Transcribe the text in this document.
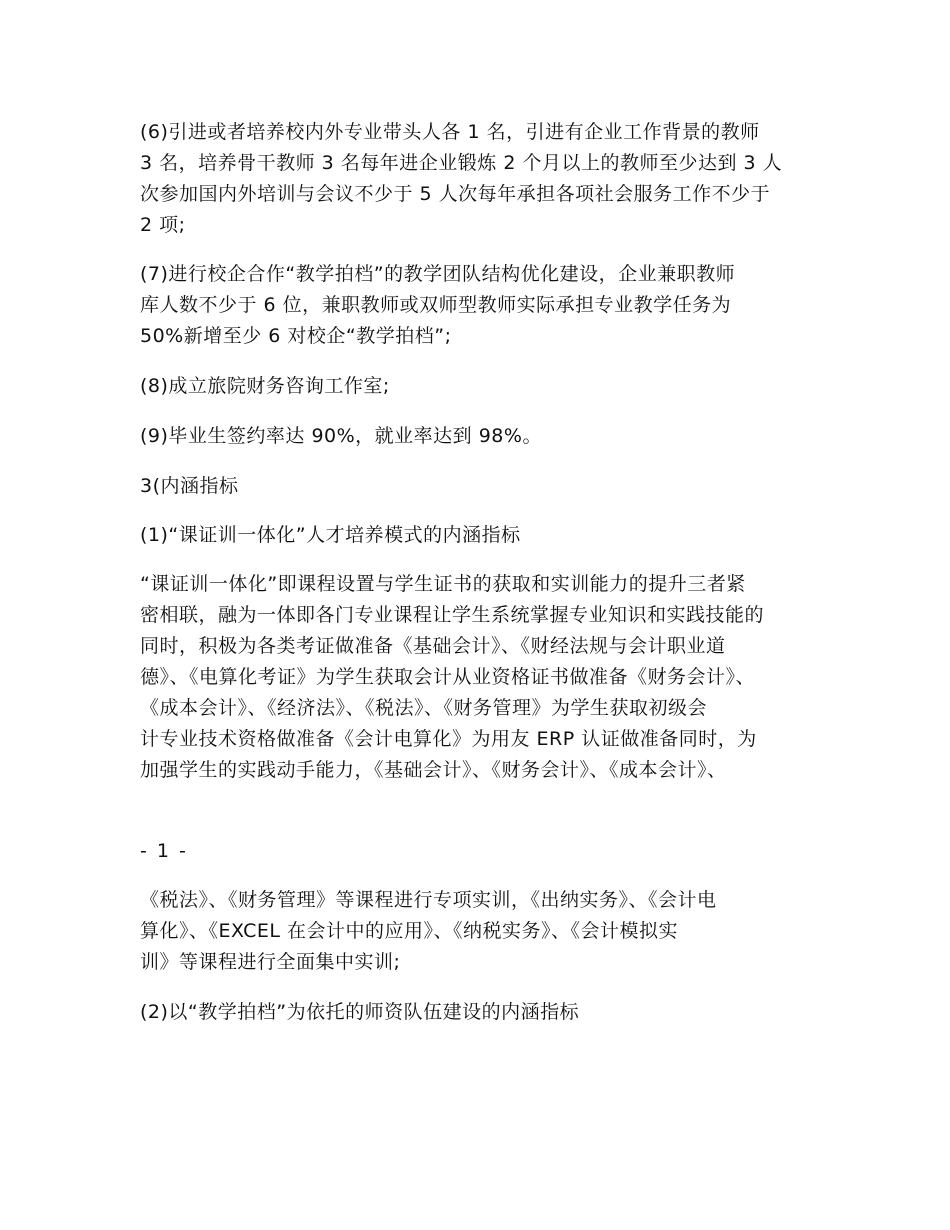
(6)引进或者培养校内外专业带头人各 1 名，引进有企业工作背景的教师
3 名，培养骨干教师 3 名每年进企业锻炼 2 个月以上的教师至少达到 3 人
次参加国内外培训与会议不少于 5 人次每年承担各项社会服务工作不少于
2 项;
(7)进行校企合作“教学拍档”的教学团队结构优化建设，企业兼职教师
库人数不少于 6 位，兼职教师或双师型教师实际承担专业教学任务为
50%新增至少 6 对校企“教学拍档”;
(8)成立旅院财务咨询工作室;
(9)毕业生签约率达 90%，就业率达到 98%。
3(内涵指标
(1)“课证训一体化”人才培养模式的内涵指标
“课证训一体化”即课程设置与学生证书的获取和实训能力的提升三者紧
密相联，融为一体即各门专业课程让学生系统掌握专业知识和实践技能的
同时，积极为各类考证做准备《基础会计》、《财经法规与会计职业道
德》、《电算化考证》为学生获取会计从业资格证书做准备《财务会计》、
《成本会计》、《经济法》、《税法》、《财务管理》为学生获取初级会
计专业技术资格做准备《会计电算化》为用友 ERP 认证做准备同时，为
加强学生的实践动手能力，《基础会计》、《财务会计》、《成本会计》、
- 1 -
《税法》、《财务管理》等课程进行专项实训，《出纳实务》、《会计电
算化》、《EXCEL 在会计中的应用》、《纳税实务》、《会计模拟实
训》等课程进行全面集中实训;
(2)以“教学拍档”为依托的师资队伍建设的内涵指标
